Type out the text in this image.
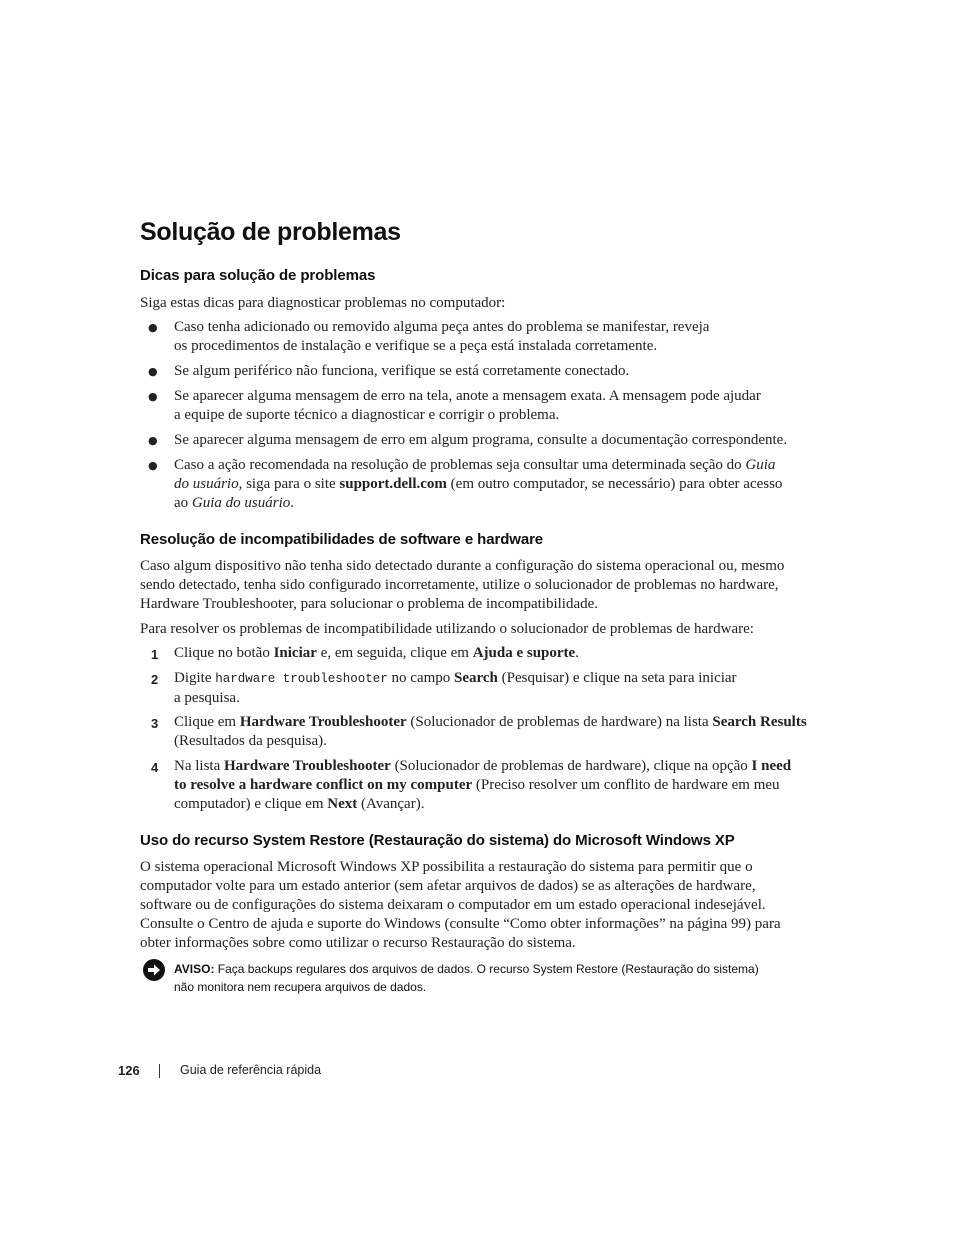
Solução de problemas
Dicas para solução de problemas

Siga estas dicas para diagnosticar problemas no computador:

● Caso tenha adicionado ou removido alguma peça antes do problema se manifestar, reveja
os procedimentos de instalação e verifique se a peça está instalada corretamente.

● Se algum periférico não funciona, verifique se está corretamente conectado.

● Se aparecer alguma mensagem de erro na tela, anote a mensagem exata. A mensagem pode ajudar
a equipe de suporte técnico a diagnosticar e corrigir o problema.

● Se aparecer alguma mensagem de erro em algum programa, consulte a documentação correspondente.

● Caso a ação recomendada na resolução de problemas seja consultar uma determinada seção do Guia
do usuário, siga para o site support.dell.com (em outro computador, se necessário) para obter acesso
ao Guia do usuário.

Resolução de incompatibilidades de software e hardware

Caso algum dispositivo não tenha sido detectado durante a configuração do sistema operacional ou, mesmo
sendo detectado, tenha sido configurado incorretamente, utilize o solucionador de problemas no hardware,
Hardware Troubleshooter, para solucionar o problema de incompatibilidade.

Para resolver os problemas de incompatibilidade utilizando o solucionador de problemas de hardware:

1 Clique no botão Iniciar e, em seguida, clique em Ajuda e suporte.

2 Digite hardware troubleshooter no campo Search (Pesquisar) e clique na seta para iniciar
a pesquisa.

3 Clique em Hardware Troubleshooter (Solucionador de problemas de hardware) na lista Search Results
(Resultados da pesquisa).

4 Na lista Hardware Troubleshooter (Solucionador de problemas de hardware), clique na opção I need
to resolve a hardware conflict on my computer (Preciso resolver um conflito de hardware em meu
computador) e clique em Next (Avançar).

Uso do recurso System Restore (Restauração do sistema) do Microsoft Windows XP

O sistema operacional Microsoft Windows XP possibilita a restauração do sistema para permitir que o
computador volte para um estado anterior (sem afetar arquivos de dados) se as alterações de hardware,
software ou de configurações do sistema deixaram o computador em um estado operacional indesejável.
Consulte o Centro de ajuda e suporte do Windows (consulte “Como obter informações” na página 99) para
obter informações sobre como utilizar o recurso Restauração do sistema.

AVISO: Faça backups regulares dos arquivos de dados. O recurso System Restore (Restauração do sistema)
não monitora nem recupera arquivos de dados.
126	Guia de referência rápida
